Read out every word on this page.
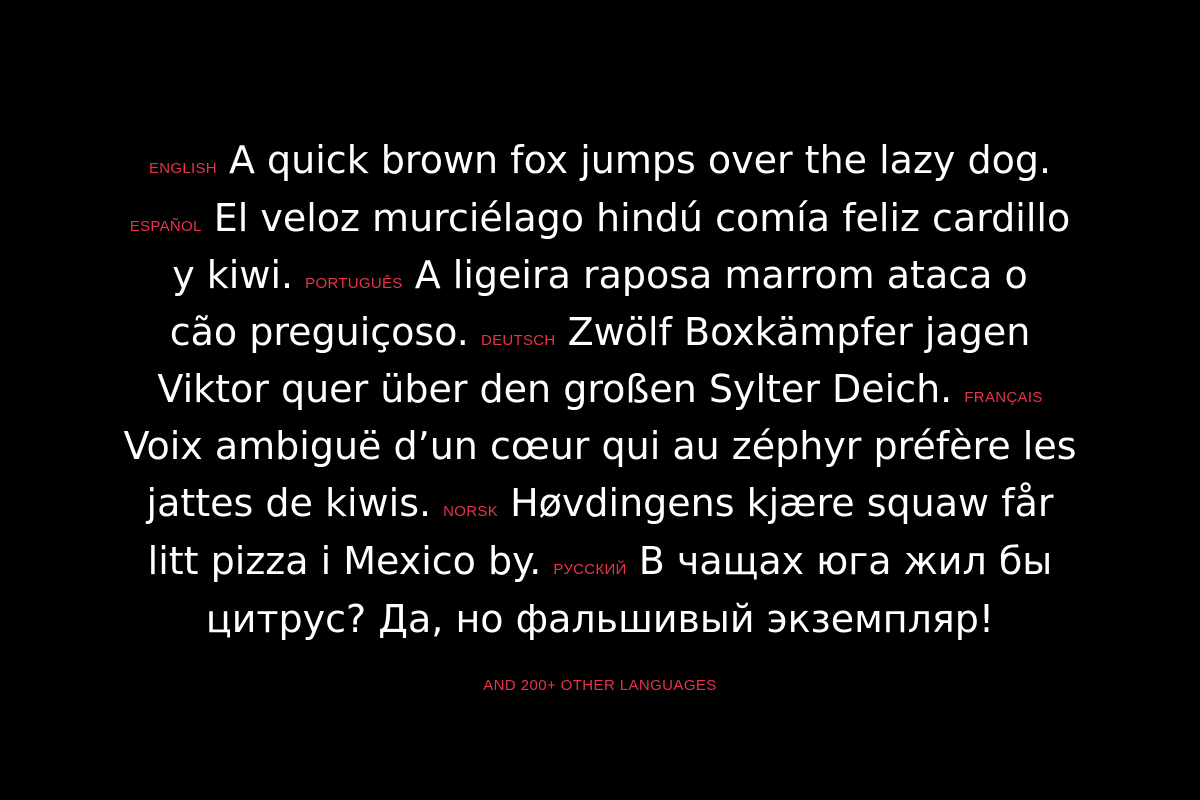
ENGLISH A quick brown fox jumps over the lazy dog.
ESPAÑOL El veloz murciélago hindú comía feliz cardillo
y kiwi. PORTUGUÊS A ligeira raposa marrom ataca o
cão preguiçoso. DEUTSCH Zwölf Boxkämpfer jagen
Viktor quer über den großen Sylter Deich. FRANÇAIS
Voix ambiguë d’un cœur qui au zéphyr préfère les
jattes de kiwis. NORSK Høvdingens kjære squaw får
litt pizza i Mexico by. РУССКИЙ В чащах юга жил бы
цитрус? Да, но фальшивый экземпляр!
AND 200+ OTHER LANGUAGES
